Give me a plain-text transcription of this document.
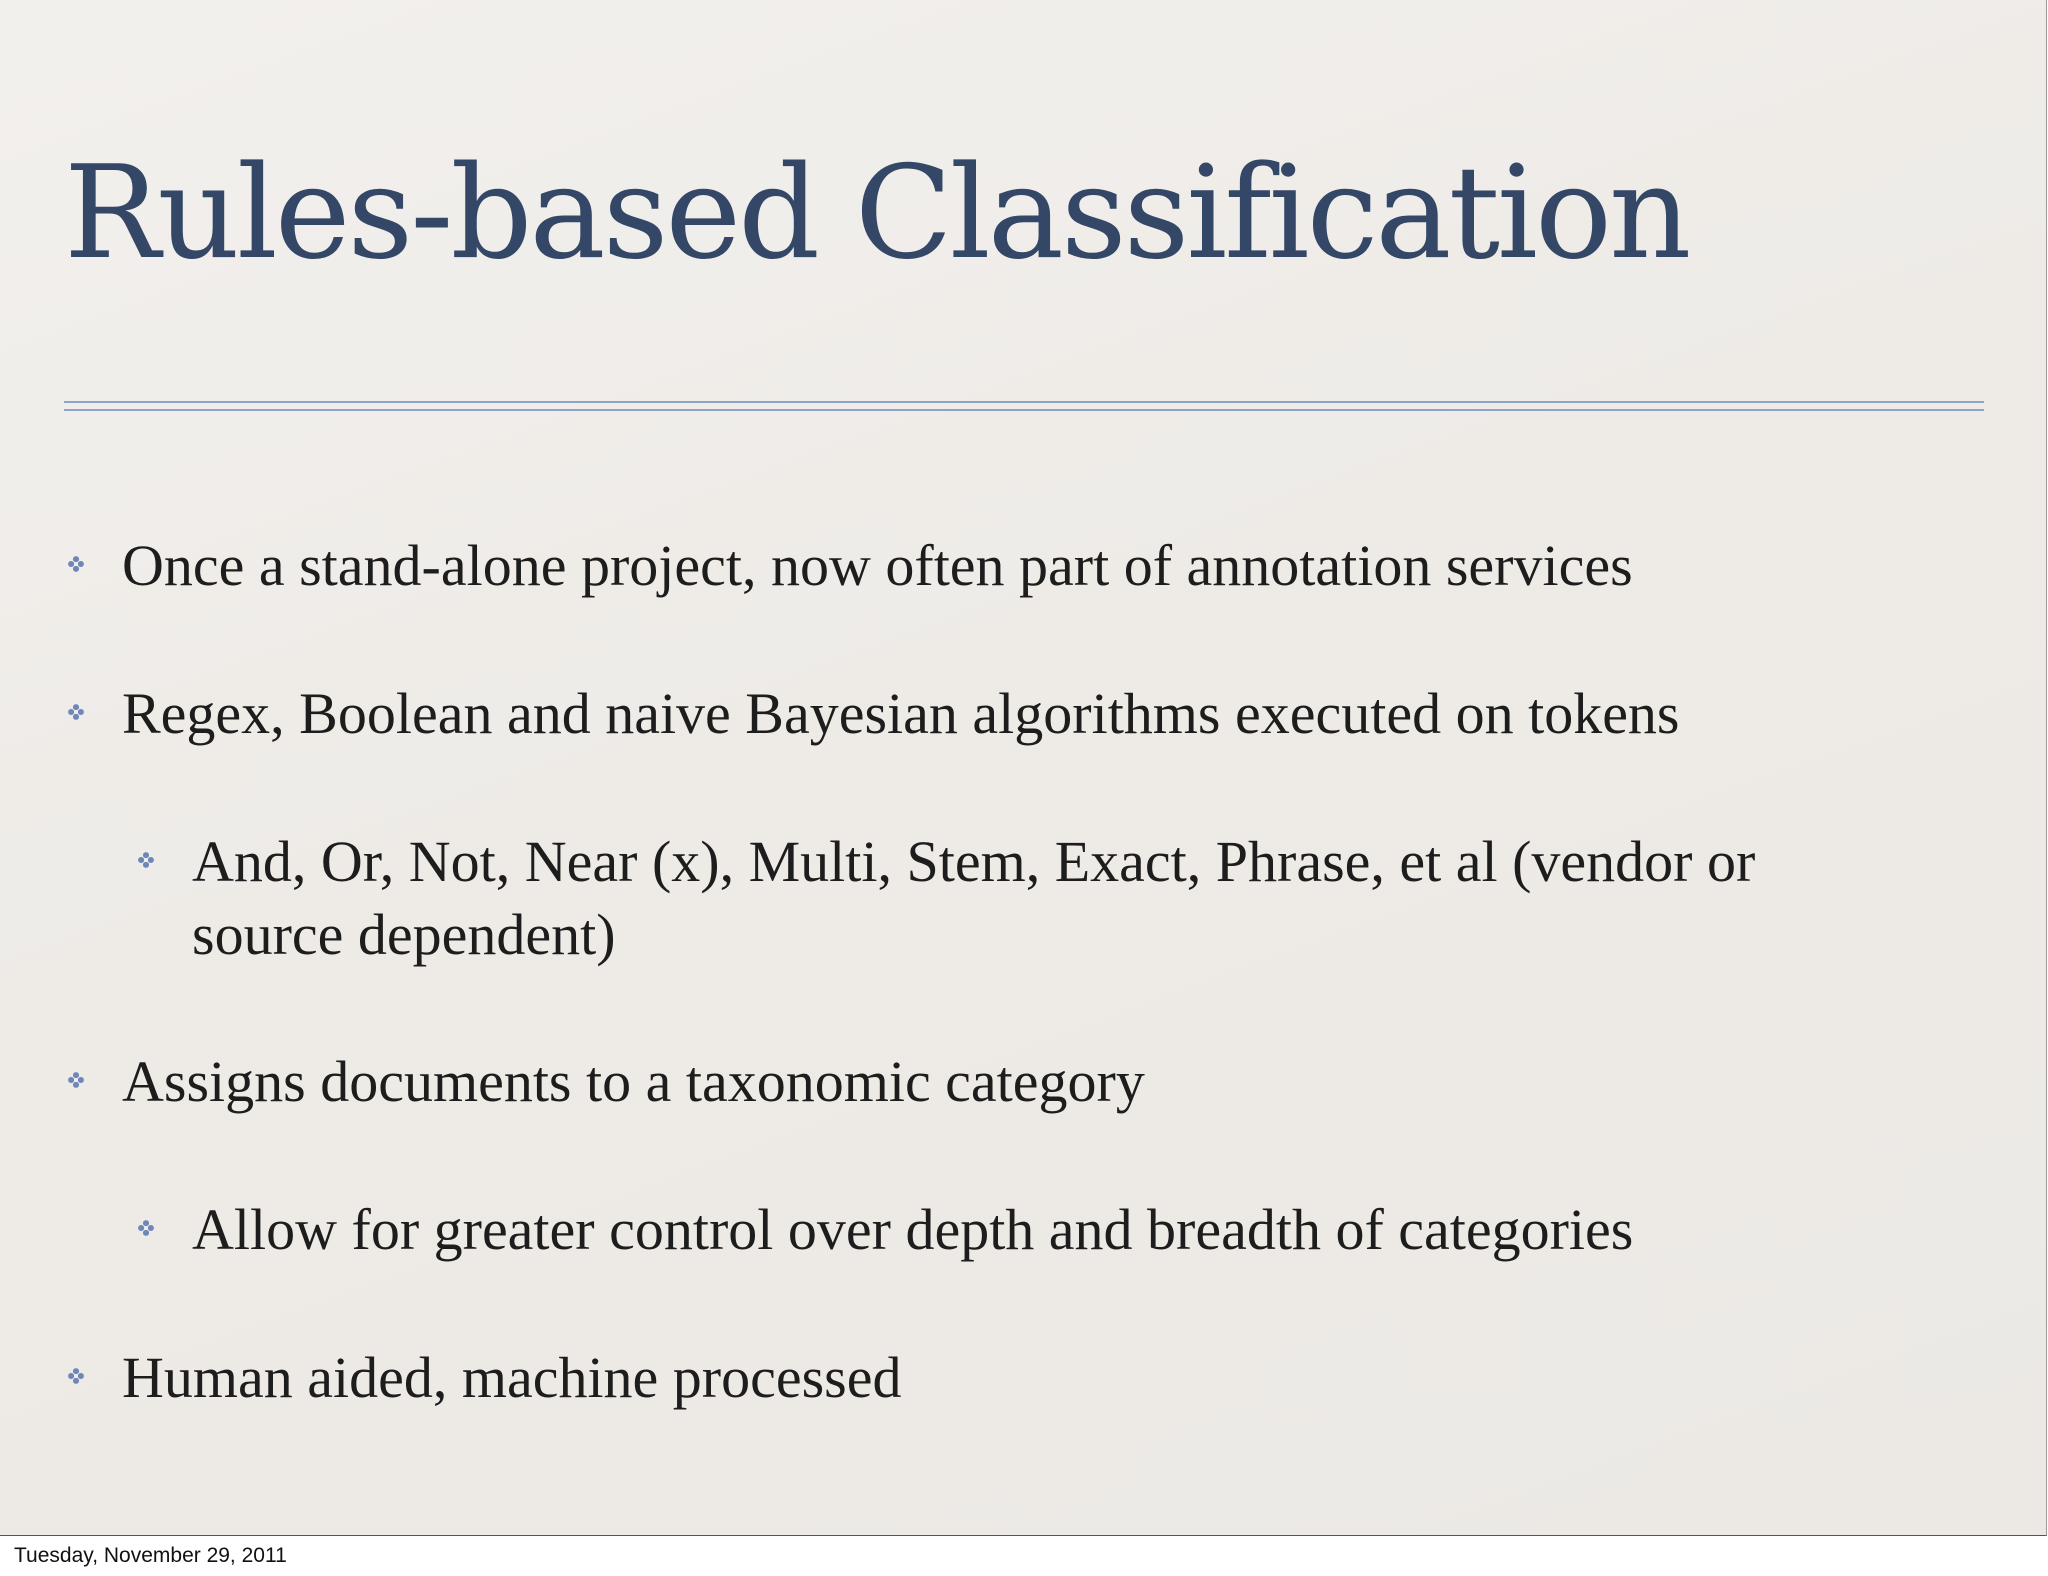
Rules-based Classification
Once a stand-alone project, now often part of annotation services
Regex, Boolean and naive Bayesian algorithms executed on tokens
And, Or, Not, Near (x), Multi, Stem, Exact, Phrase, et al (vendor or
source dependent)
Assigns documents to a taxonomic category
Allow for greater control over depth and breadth of categories
Human aided, machine processed
Tuesday, November 29, 2011
